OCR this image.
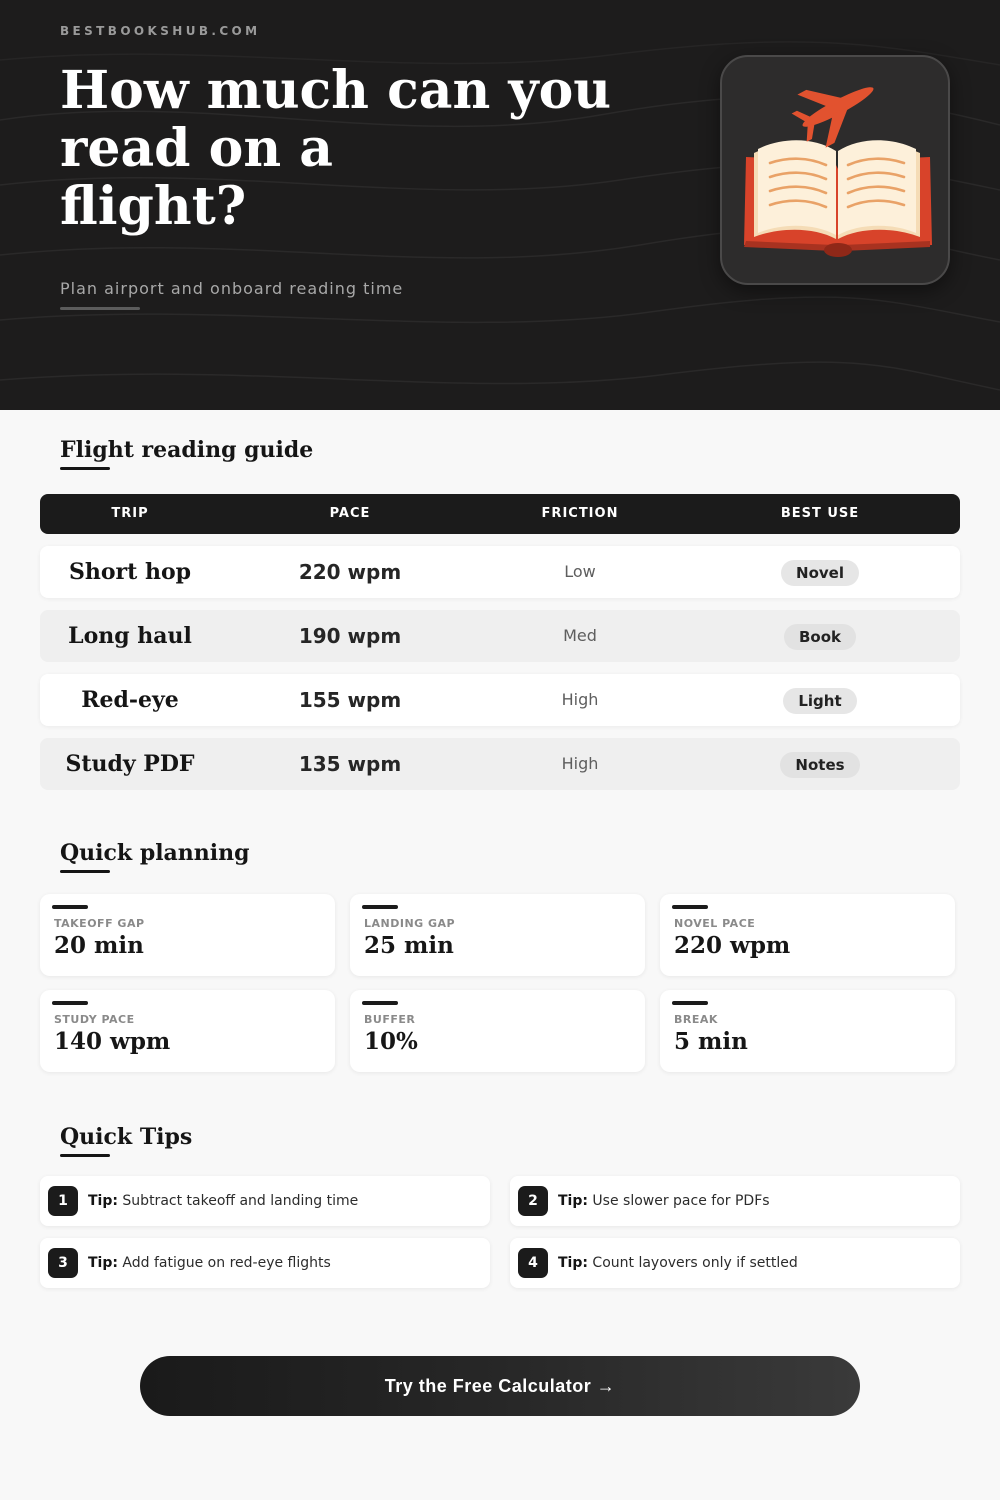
BESTBOOKSHUB.COM
How much can you
read on a
flight?
Plan airport and onboard reading time
Flight reading guide
TRIP	PACE	FRICTION	BEST USE
Short hop	220 wpm	Low	Novel
Long haul	190 wpm	Med	Book
Red-eye	155 wpm	High	Light
Study PDF	135 wpm	High	Notes
Quick planning
TAKEOFF GAP
20 min
LANDING GAP
25 min
NOVEL PACE
220 wpm
STUDY PACE
140 wpm
BUFFER
10%
BREAK
5 min
Quick Tips
1	Tip: Subtract takeoff and landing time	2	Tip: Use slower pace for PDFs
3	Tip: Add fatigue on red-eye flights	4	Tip: Count layovers only if settled
Try the Free Calculator →
